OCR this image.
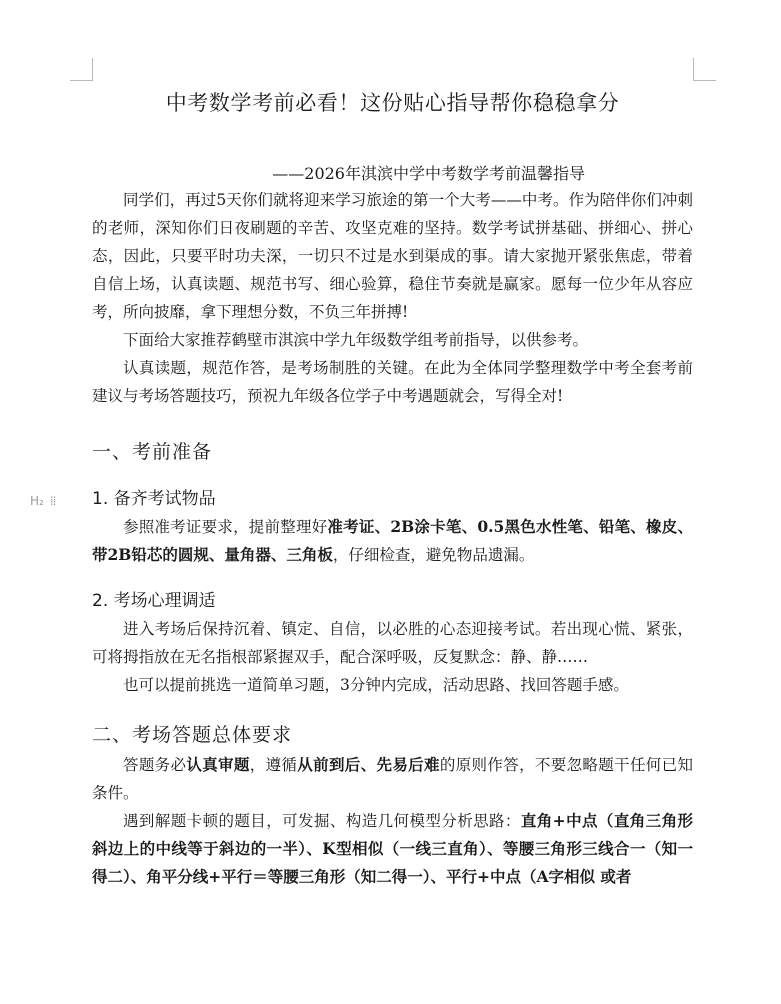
中考数学考前必看！这份贴心指导帮你稳稳拿分
——2026年淇滨中学中考数学考前温馨指导

同学们，再过5天你们就将迎来学习旅途的第一个大考——中考。作为陪伴你们冲刺的老师，深知你们日夜刷题的辛苦、攻坚克难的坚持。数学考试拼基础、拼细心、拼心态，因此，只要平时功夫深，一切只不过是水到渠成的事。请大家抛开紧张焦虑，带着自信上场，认真读题、规范书写、细心验算，稳住节奏就是赢家。愿每一位少年从容应考，所向披靡，拿下理想分数，不负三年拼搏!

下面给大家推荐鹤壁市淇滨中学九年级数学组考前指导，以供参考。

认真读题，规范作答，是考场制胜的关键。在此为全体同学整理数学中考全套考前建议与考场答题技巧，预祝九年级各位学子中考遇题就会，写得全对!

一、考前准备
H₂ ⁞⁞ 1. 备齐考试物品

参照准考证要求，提前整理好准考证、2B涂卡笔、0.5黑色水性笔、铅笔、橡皮、带2B铅芯的圆规、量角器、三角板，仔细检查，避免物品遗漏。

2. 考场心理调适

进入考场后保持沉着、镇定、自信，以必胜的心态迎接考试。若出现心慌、紧张，可将拇指放在无名指根部紧握双手，配合深呼吸，反复默念：静、静……

也可以提前挑选一道简单习题，3分钟内完成，活动思路、找回答题手感。

二、考场答题总体要求

答题务必认真审题，遵循从前到后、先易后难的原则作答，不要忽略题干任何已知条件。

遇到解题卡顿的题目，可发掘、构造几何模型分析思路：直角+中点（直角三角形斜边上的中线等于斜边的一半）、K型相似（一线三直角）、等腰三角形三线合一（知一得二）、角平分线+平行＝等腰三角形（知二得一）、平行+中点（A字相似 或者
